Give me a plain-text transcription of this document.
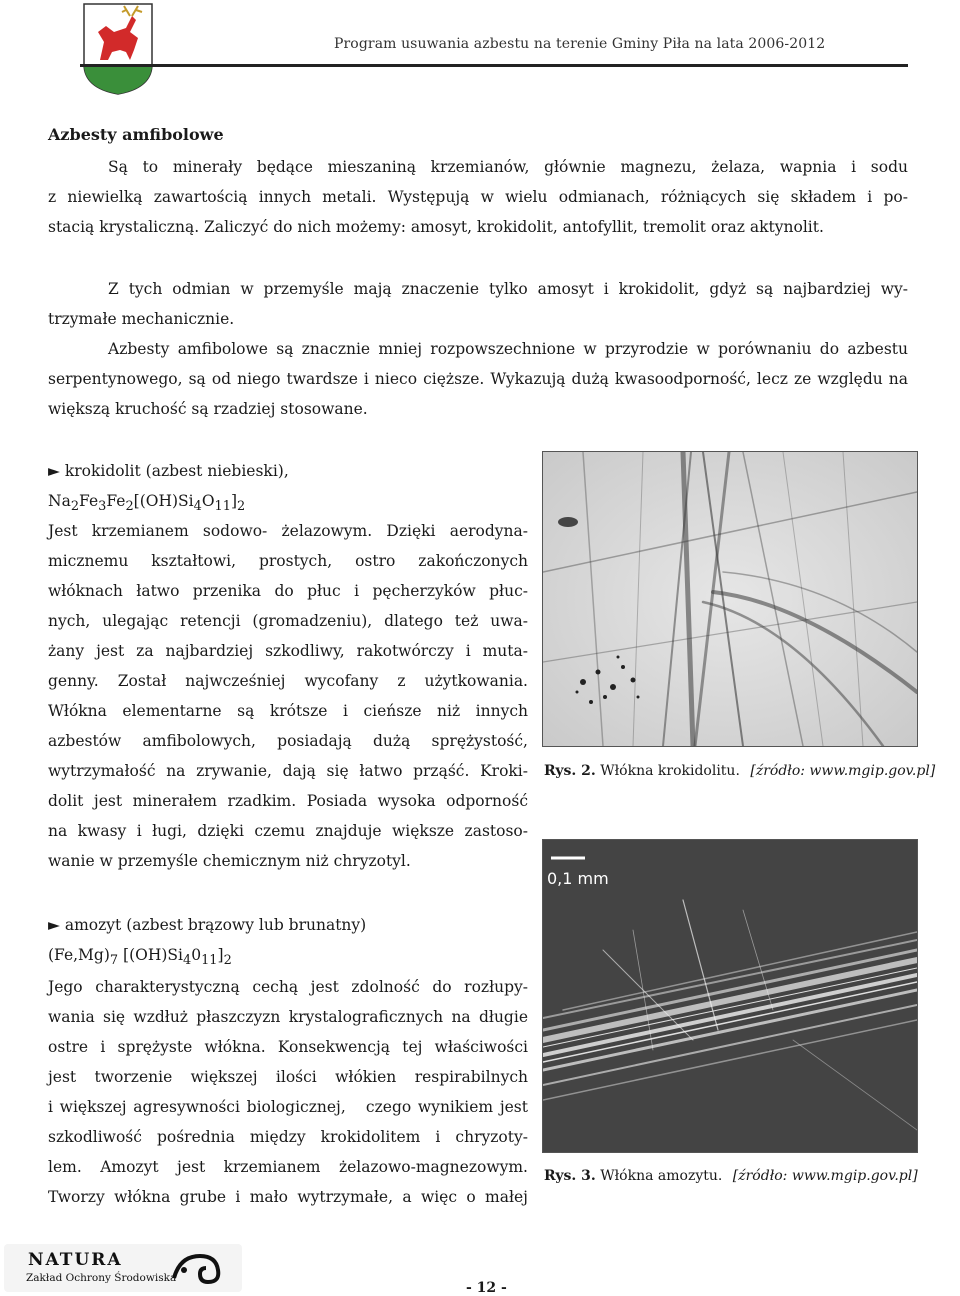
Program usuwania azbestu na terenie Gminy Piła na lata 2006-2012
Azbesty amfibolowe
Są to minerały będące mieszaniną krzemianów, głównie magnezu, żelaza, wapnia i sodu
z niewielką zawartością innych metali. Występują w wielu odmianach, różniących się składem i po-
stacią krystaliczną. Zaliczyć do nich możemy: amosyt, krokidolit, antofyllit, tremolit oraz aktynolit.
Z tych odmian w przemyśle mają znaczenie tylko amosyt i krokidolit, gdyż są najbardziej wy-
trzymałe mechanicznie.
Azbesty amfibolowe są znacznie mniej rozpowszechnione w przyrodzie w porównaniu do azbestu
serpentynowego, są od niego twardsze i nieco cięższe. Wykazują dużą kwasoodporność, lecz ze względu na
większą kruchość są rzadziej stosowane.
► krokidolit (azbest niebieski),
$Na_2Fe_3Fe_2[(OH)Si_4O_{11}]_2$
Jest krzemianem sodowo- żelazowym. Dzięki aerodyna-
micznemu kształtowi, prostych, ostro zakończonych
włóknach łatwo przenika do płuc i pęcherzyków płuc-
nych, ulegając retencji (gromadzeniu), dlatego też uwa-
żany jest za najbardziej szkodliwy, rakotwórczy i muta-
genny. Został najwcześniej wycofany z użytkowania.
Włókna elementarne są krótsze i cieńsze niż innych
azbestów amfibolowych, posiadają dużą sprężystość,
wytrzymałość na zrywanie, dają się łatwo prząść. Kroki-
dolit jest minerałem rzadkim. Posiada wysoka odporność
na kwasy i ługi, dzięki czemu znajduje większe zastoso-
wanie w przemyśle chemicznym niż chryzotyl.
Rys. 2. Włókna krokidolitu. [źródło: www.mgip.gov.pl]
► amozyt (azbest brązowy lub brunatny)
$(Fe,Mg)_7$ $[(OH)Si_40_{11}]_2$
Jego charakterystyczną cechą jest zdolność do rozłupy-
wania się wzdłuż płaszczyzn krystalograficznych na długie
ostre i sprężyste włókna. Konsekwencją tej właściwości
jest tworzenie większej ilości włókien respirabilnych
i większej agresywności biologicznej,   czego wynikiem jest
szkodliwość pośrednia między krokidolitem i chryzoty-
lem. Amozyt jest krzemianem żelazowo-magnezowym.
Tworzy włókna grube i mało wytrzymałe, a więc o małej
0,1 mm
Rys. 3. Włókna amozytu. [źródło: www.mgip.gov.pl]
NATURA
Zakład Ochrony Środowiska
- 12 -
